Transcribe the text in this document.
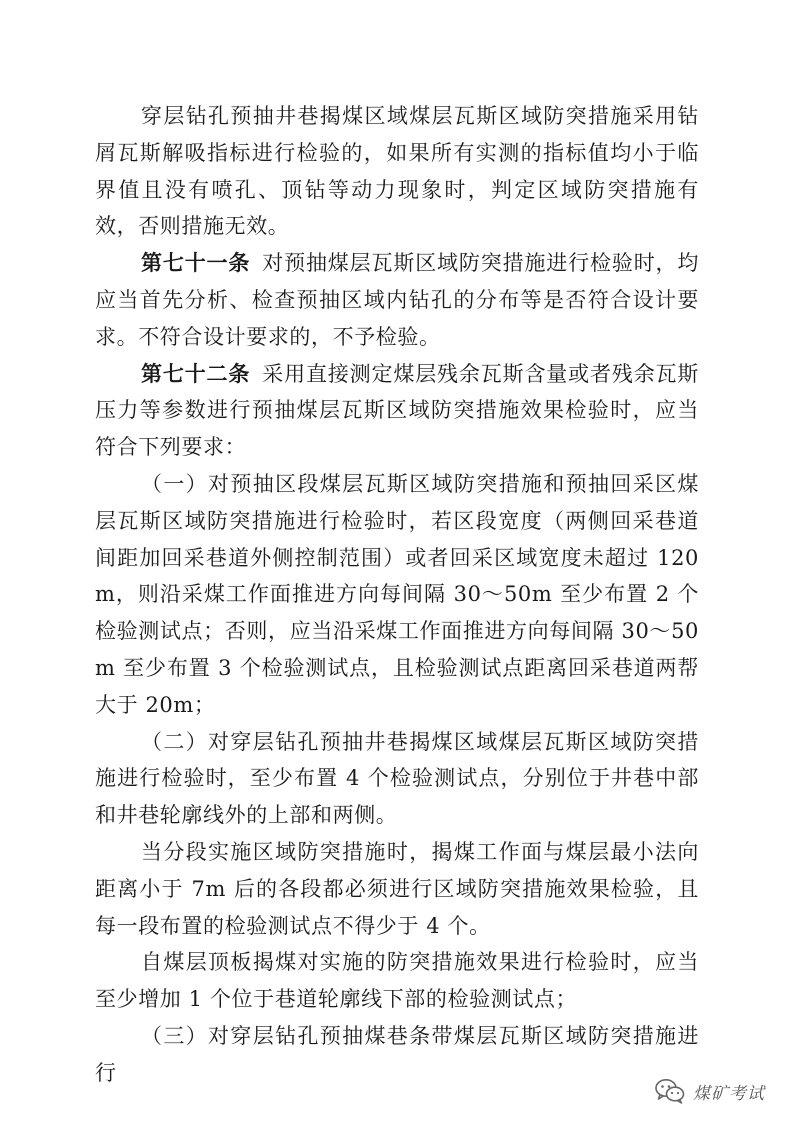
穿层钻孔预抽井巷揭煤区域煤层瓦斯区域防突措施采用钻屑瓦斯解吸指标进行检验的，如果所有实测的指标值均小于临界值且没有喷孔、顶钻等动力现象时，判定区域防突措施有效，否则措施无效。

第七十一条 对预抽煤层瓦斯区域防突措施进行检验时，均应当首先分析、检查预抽区域内钻孔的分布等是否符合设计要求。不符合设计要求的，不予检验。

第七十二条 采用直接测定煤层残余瓦斯含量或者残余瓦斯压力等参数进行预抽煤层瓦斯区域防突措施效果检验时，应当符合下列要求：

（一）对预抽区段煤层瓦斯区域防突措施和预抽回采区煤层瓦斯区域防突措施进行检验时，若区段宽度（两侧回采巷道间距加回采巷道外侧控制范围）或者回采区域宽度未超过 120m，则沿采煤工作面推进方向每间隔 30～50m 至少布置 2 个检验测试点；否则，应当沿采煤工作面推进方向每间隔 30～50m 至少布置 3 个检验测试点，且检验测试点距离回采巷道两帮大于 20m；

（二）对穿层钻孔预抽井巷揭煤区域煤层瓦斯区域防突措施进行检验时，至少布置 4 个检验测试点，分别位于井巷中部和井巷轮廓线外的上部和两侧。

当分段实施区域防突措施时，揭煤工作面与煤层最小法向距离小于 7m 后的各段都必须进行区域防突措施效果检验，且每一段布置的检验测试点不得少于 4 个。

自煤层顶板揭煤对实施的防突措施效果进行检验时，应当至少增加 1 个位于巷道轮廓线下部的检验测试点；

（三）对穿层钻孔预抽煤巷条带煤层瓦斯区域防突措施进行

煤矿考试
